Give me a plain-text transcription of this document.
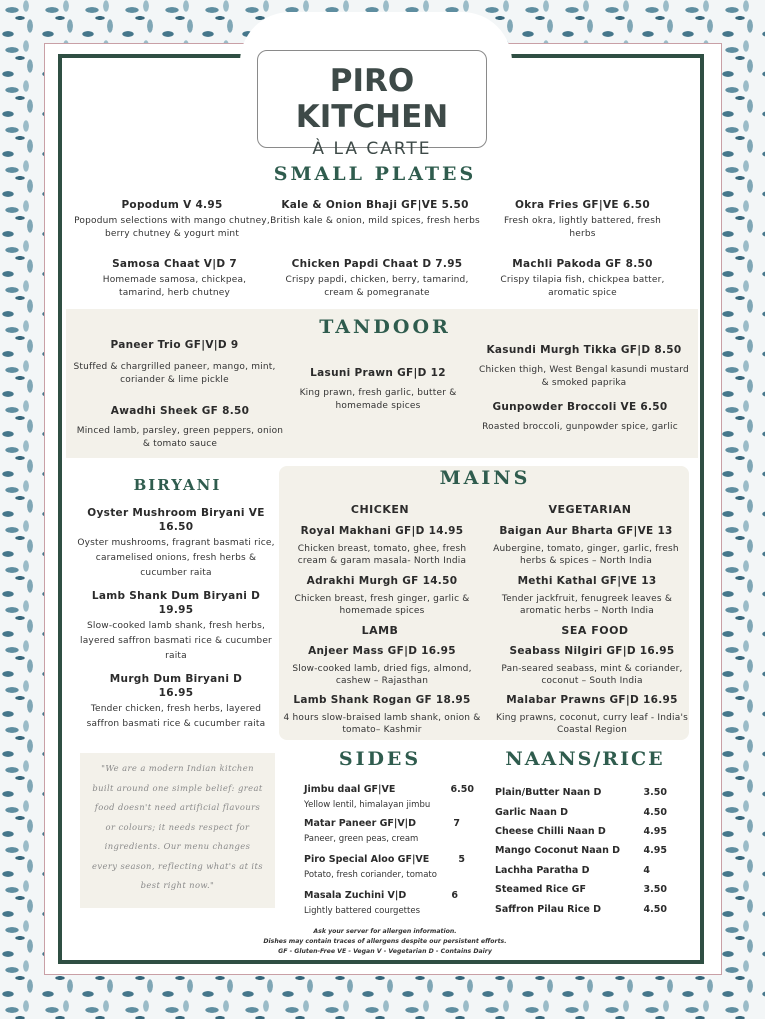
PIRO KITCHEN
À LA CARTE
SMALL PLATES
Popodum V 4.95
Popodum selections with mango chutney, berry chutney & yogurt mint
Kale & Onion Bhaji GF|VE 5.50
British kale & onion, mild spices, fresh herbs
Okra Fries GF|VE 6.50
Fresh okra, lightly battered, fresh herbs
Samosa Chaat V|D 7
Homemade samosa, chickpea, tamarind, herb chutney
Chicken Papdi Chaat D 7.95
Crispy papdi, chicken, berry, tamarind, cream & pomegranate
Machli Pakoda GF 8.50
Crispy tilapia fish, chickpea batter, aromatic spice
TANDOOR
Paneer Trio GF|V|D 9
Stuffed & chargrilled paneer, mango, mint, coriander & lime pickle
Awadhi Sheek GF 8.50
Minced lamb, parsley, green peppers, onion & tomato sauce
Lasuni Prawn GF|D 12
King prawn, fresh garlic, butter & homemade spices
Kasundi Murgh Tikka GF|D 8.50
Chicken thigh, West Bengal kasundi mustard & smoked paprika
Gunpowder Broccoli VE 6.50
Roasted broccoli, gunpowder spice, garlic
BIRYANI
Oyster Mushroom Biryani VE
16.50
Oyster mushrooms, fragrant basmati rice, caramelised onions, fresh herbs & cucumber raita
Lamb Shank Dum Biryani D
19.95
Slow-cooked lamb shank, fresh herbs, layered saffron basmati rice & cucumber raita
Murgh Dum Biryani D
16.95
Tender chicken, fresh herbs, layered saffron basmati rice & cucumber raita
MAINS
CHICKEN	VEGETARIAN
Royal Makhani GF|D 14.95
Chicken breast, tomato, ghee, fresh cream & garam masala- North India
Adrakhi Murgh GF 14.50
Chicken breast, fresh ginger, garlic & homemade spices
Baigan Aur Bharta GF|VE 13
Aubergine, tomato, ginger, garlic, fresh herbs & spices – North India
Methi Kathal GF|VE 13
Tender jackfruit, fenugreek leaves & aromatic herbs – North India
LAMB	SEA FOOD
Anjeer Mass GF|D 16.95
Slow-cooked lamb, dried figs, almond, cashew – Rajasthan
Lamb Shank Rogan GF 18.95
4 hours slow-braised lamb shank, onion & tomato– Kashmir
Seabass Nilgiri GF|D 16.95
Pan-seared seabass, mint & coriander, coconut – South India
Malabar Prawns GF|D 16.95
King prawns, coconut, curry leaf - India's Coastal Region
"We are a modern Indian kitchen built around one simple belief: great food doesn't need artificial flavours or colours; it needs respect for ingredients. Our menu changes every season, reflecting what's at its best right now."
SIDES
Jimbu daal GF|VE	6.50
Yellow lentil, himalayan jimbu
Matar Paneer GF|V|D	7
Paneer, green peas, cream
Piro Special Aloo GF|VE	5
Potato, fresh coriander, tomato
Masala Zuchini V|D	6
Lightly battered courgettes
NAANS/RICE
Plain/Butter Naan D	3.50
Garlic Naan D	4.50
Cheese Chilli Naan D	4.95
Mango Coconut Naan D 4.95
Lachha Paratha D	4
Steamed Rice GF	3.50
Saffron Pilau Rice D	4.50
Ask your server for allergen information.
Dishes may contain traces of allergens despite our persistent efforts.
GF - Gluten-Free VE - Vegan V - Vegetarian D - Contains Dairy
